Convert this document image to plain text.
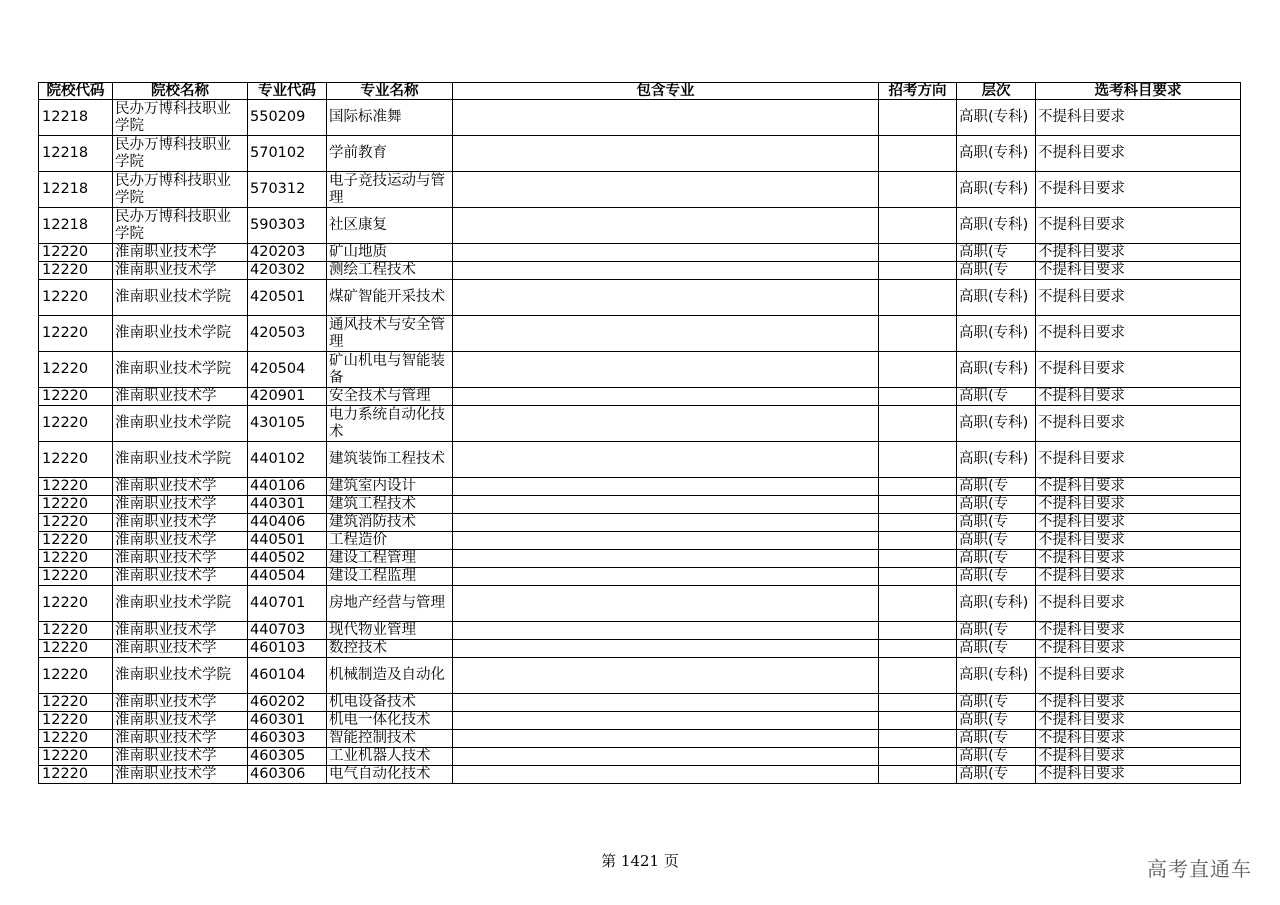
院校代码	院校名称	专业代码	专业名称	包含专业	招考方向	层次	选考科目要求
12218	民办万博科技职业学院	550209	国际标准舞			高职(专科)	不提科目要求
12218	民办万博科技职业学院	570102	学前教育			高职(专科)	不提科目要求
12218	民办万博科技职业学院	570312	电子竞技运动与管理			高职(专科)	不提科目要求
12218	民办万博科技职业学院	590303	社区康复			高职(专科)	不提科目要求
12220	淮南职业技术学	420203	矿山地质			高职(专	不提科目要求
12220	淮南职业技术学	420302	测绘工程技术			高职(专	不提科目要求
12220	淮南职业技术学院	420501	煤矿智能开采技术			高职(专科)	不提科目要求
12220	淮南职业技术学院	420503	通风技术与安全管理			高职(专科)	不提科目要求
12220	淮南职业技术学院	420504	矿山机电与智能装备			高职(专科)	不提科目要求
12220	淮南职业技术学	420901	安全技术与管理			高职(专	不提科目要求
12220	淮南职业技术学院	430105	电力系统自动化技术			高职(专科)	不提科目要求
12220	淮南职业技术学院	440102	建筑装饰工程技术			高职(专科)	不提科目要求
12220	淮南职业技术学	440106	建筑室内设计			高职(专	不提科目要求
12220	淮南职业技术学	440301	建筑工程技术			高职(专	不提科目要求
12220	淮南职业技术学	440406	建筑消防技术			高职(专	不提科目要求
12220	淮南职业技术学	440501	工程造价			高职(专	不提科目要求
12220	淮南职业技术学	440502	建设工程管理			高职(专	不提科目要求
12220	淮南职业技术学	440504	建设工程监理			高职(专	不提科目要求
12220	淮南职业技术学院	440701	房地产经营与管理			高职(专科)	不提科目要求
12220	淮南职业技术学	440703	现代物业管理			高职(专	不提科目要求
12220	淮南职业技术学	460103	数控技术			高职(专	不提科目要求
12220	淮南职业技术学院	460104	机械制造及自动化			高职(专科)	不提科目要求
12220	淮南职业技术学	460202	机电设备技术			高职(专	不提科目要求
12220	淮南职业技术学	460301	机电一体化技术			高职(专	不提科目要求
12220	淮南职业技术学	460303	智能控制技术			高职(专	不提科目要求
12220	淮南职业技术学	460305	工业机器人技术			高职(专	不提科目要求
12220	淮南职业技术学	460306	电气自动化技术			高职(专	不提科目要求
第 1421 页	高考直通车
